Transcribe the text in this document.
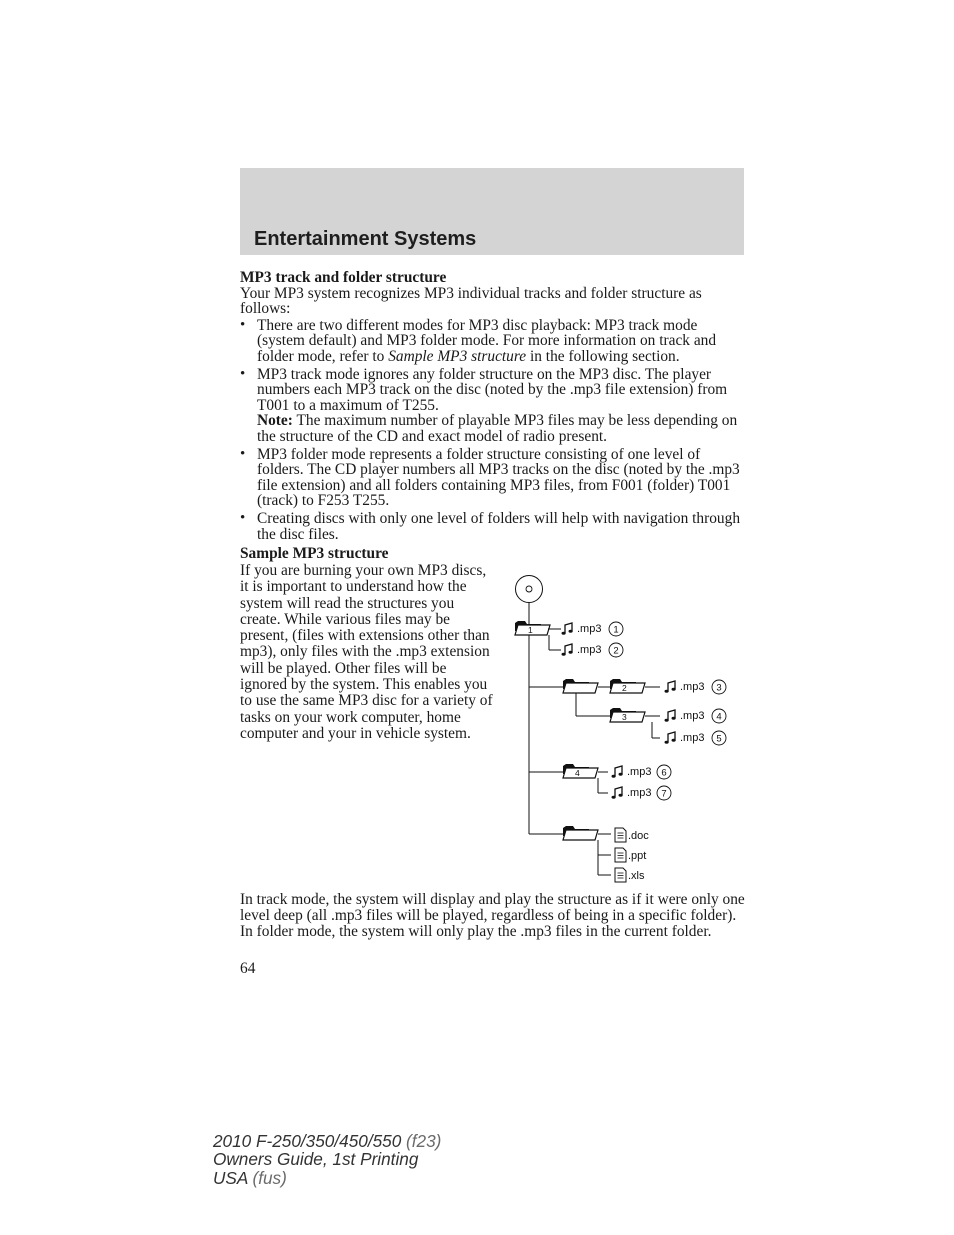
Entertainment Systems

MP3 track and folder structure

Your MP3 system recognizes MP3 individual tracks and folder structure as follows:

• There are two different modes for MP3 disc playback: MP3 track mode (system default) and MP3 folder mode. For more information on track and folder mode, refer to Sample MP3 structure in the following section.
• MP3 track mode ignores any folder structure on the MP3 disc. The player numbers each MP3 track on the disc (noted by the .mp3 file extension) from T001 to a maximum of T255.
Note: The maximum number of playable MP3 files may be less depending on the structure of the CD and exact model of radio present.
• MP3 folder mode represents a folder structure consisting of one level of folders. The CD player numbers all MP3 tracks on the disc (noted by the .mp3 file extension) and all folders containing MP3 files, from F001 (folder) T001 (track) to F253 T255.
• Creating discs with only one level of folders will help with navigation through the disc files.

Sample MP3 structure

If you are burning your own MP3 discs, it is important to understand how the system will read the structures you create. While various files may be present, (files with extensions other than mp3), only files with the .mp3 extension will be played. Other files will be ignored by the system. This enables you to use the same MP3 disc for a variety of tasks on your work computer, home computer and your in vehicle system.

1	.mp3 1
.mp3 2
2	.mp3 3
3	.mp3 4
.mp3 5
4	.mp3 6
.mp3 7
.doc
.ppt
.xls

In track mode, the system will display and play the structure as if it were only one level deep (all .mp3 files will be played, regardless of being in a specific folder). In folder mode, the system will only play the .mp3 files in the current folder.

64
2010 F-250/350/450/550 (f23)
Owners Guide, 1st Printing
USA (fus)
